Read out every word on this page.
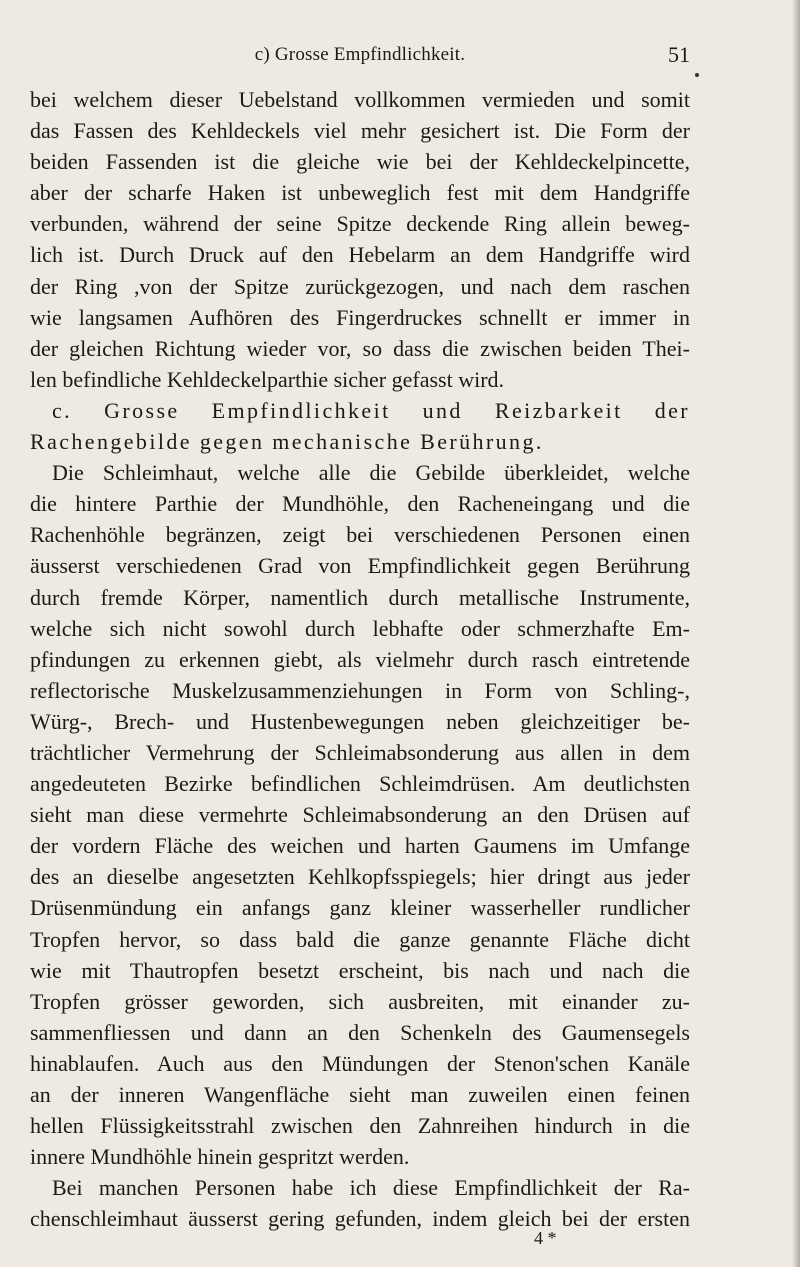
c) Grosse Empfindlichkeit.	51
bei welchem dieser Uebelstand vollkommen vermieden und somit
das Fassen des Kehldeckels viel mehr gesichert ist. Die Form der
beiden Fassenden ist die gleiche wie bei der Kehldeckelpincette,
aber der scharfe Haken ist unbeweglich fest mit dem Handgriffe
verbunden, während der seine Spitze deckende Ring allein beweg-
lich ist. Durch Druck auf den Hebelarm an dem Handgriffe wird
der Ring ,von der Spitze zurückgezogen, und nach dem raschen
wie langsamen Aufhören des Fingerdruckes schnellt er immer in
der gleichen Richtung wieder vor, so dass die zwischen beiden Thei-
len befindliche Kehldeckelparthie sicher gefasst wird.
c. Grosse Empfindlichkeit und Reizbarkeit der
Rachengebilde gegen mechanische Berührung.
Die Schleimhaut, welche alle die Gebilde überkleidet, welche
die hintere Parthie der Mundhöhle, den Racheneingang und die
Rachenhöhle begränzen, zeigt bei verschiedenen Personen einen
äusserst verschiedenen Grad von Empfindlichkeit gegen Berührung
durch fremde Körper, namentlich durch metallische Instrumente,
welche sich nicht sowohl durch lebhafte oder schmerzhafte Em-
pfindungen zu erkennen giebt, als vielmehr durch rasch eintretende
reflectorische Muskelzusammenziehungen in Form von Schling-,
Würg-, Brech- und Hustenbewegungen neben gleichzeitiger be-
trächtlicher Vermehrung der Schleimabsonderung aus allen in dem
angedeuteten Bezirke befindlichen Schleimdrüsen. Am deutlichsten
sieht man diese vermehrte Schleimabsonderung an den Drüsen auf
der vordern Fläche des weichen und harten Gaumens im Umfange
des an dieselbe angesetzten Kehlkopfsspiegels; hier dringt aus jeder
Drüsenmündung ein anfangs ganz kleiner wasserheller rundlicher
Tropfen hervor, so dass bald die ganze genannte Fläche dicht
wie mit Thautropfen besetzt erscheint, bis nach und nach die
Tropfen grösser geworden, sich ausbreiten, mit einander zu-
sammenfliessen und dann an den Schenkeln des Gaumensegels
hinablaufen. Auch aus den Mündungen der Stenon'schen Kanäle
an der inneren Wangenfläche sieht man zuweilen einen feinen
hellen Flüssigkeitsstrahl zwischen den Zahnreihen hindurch in die
innere Mundhöhle hinein gespritzt werden.
Bei manchen Personen habe ich diese Empfindlichkeit der Ra-
chenschleimhaut äusserst gering gefunden, indem gleich bei der ersten
4 *
